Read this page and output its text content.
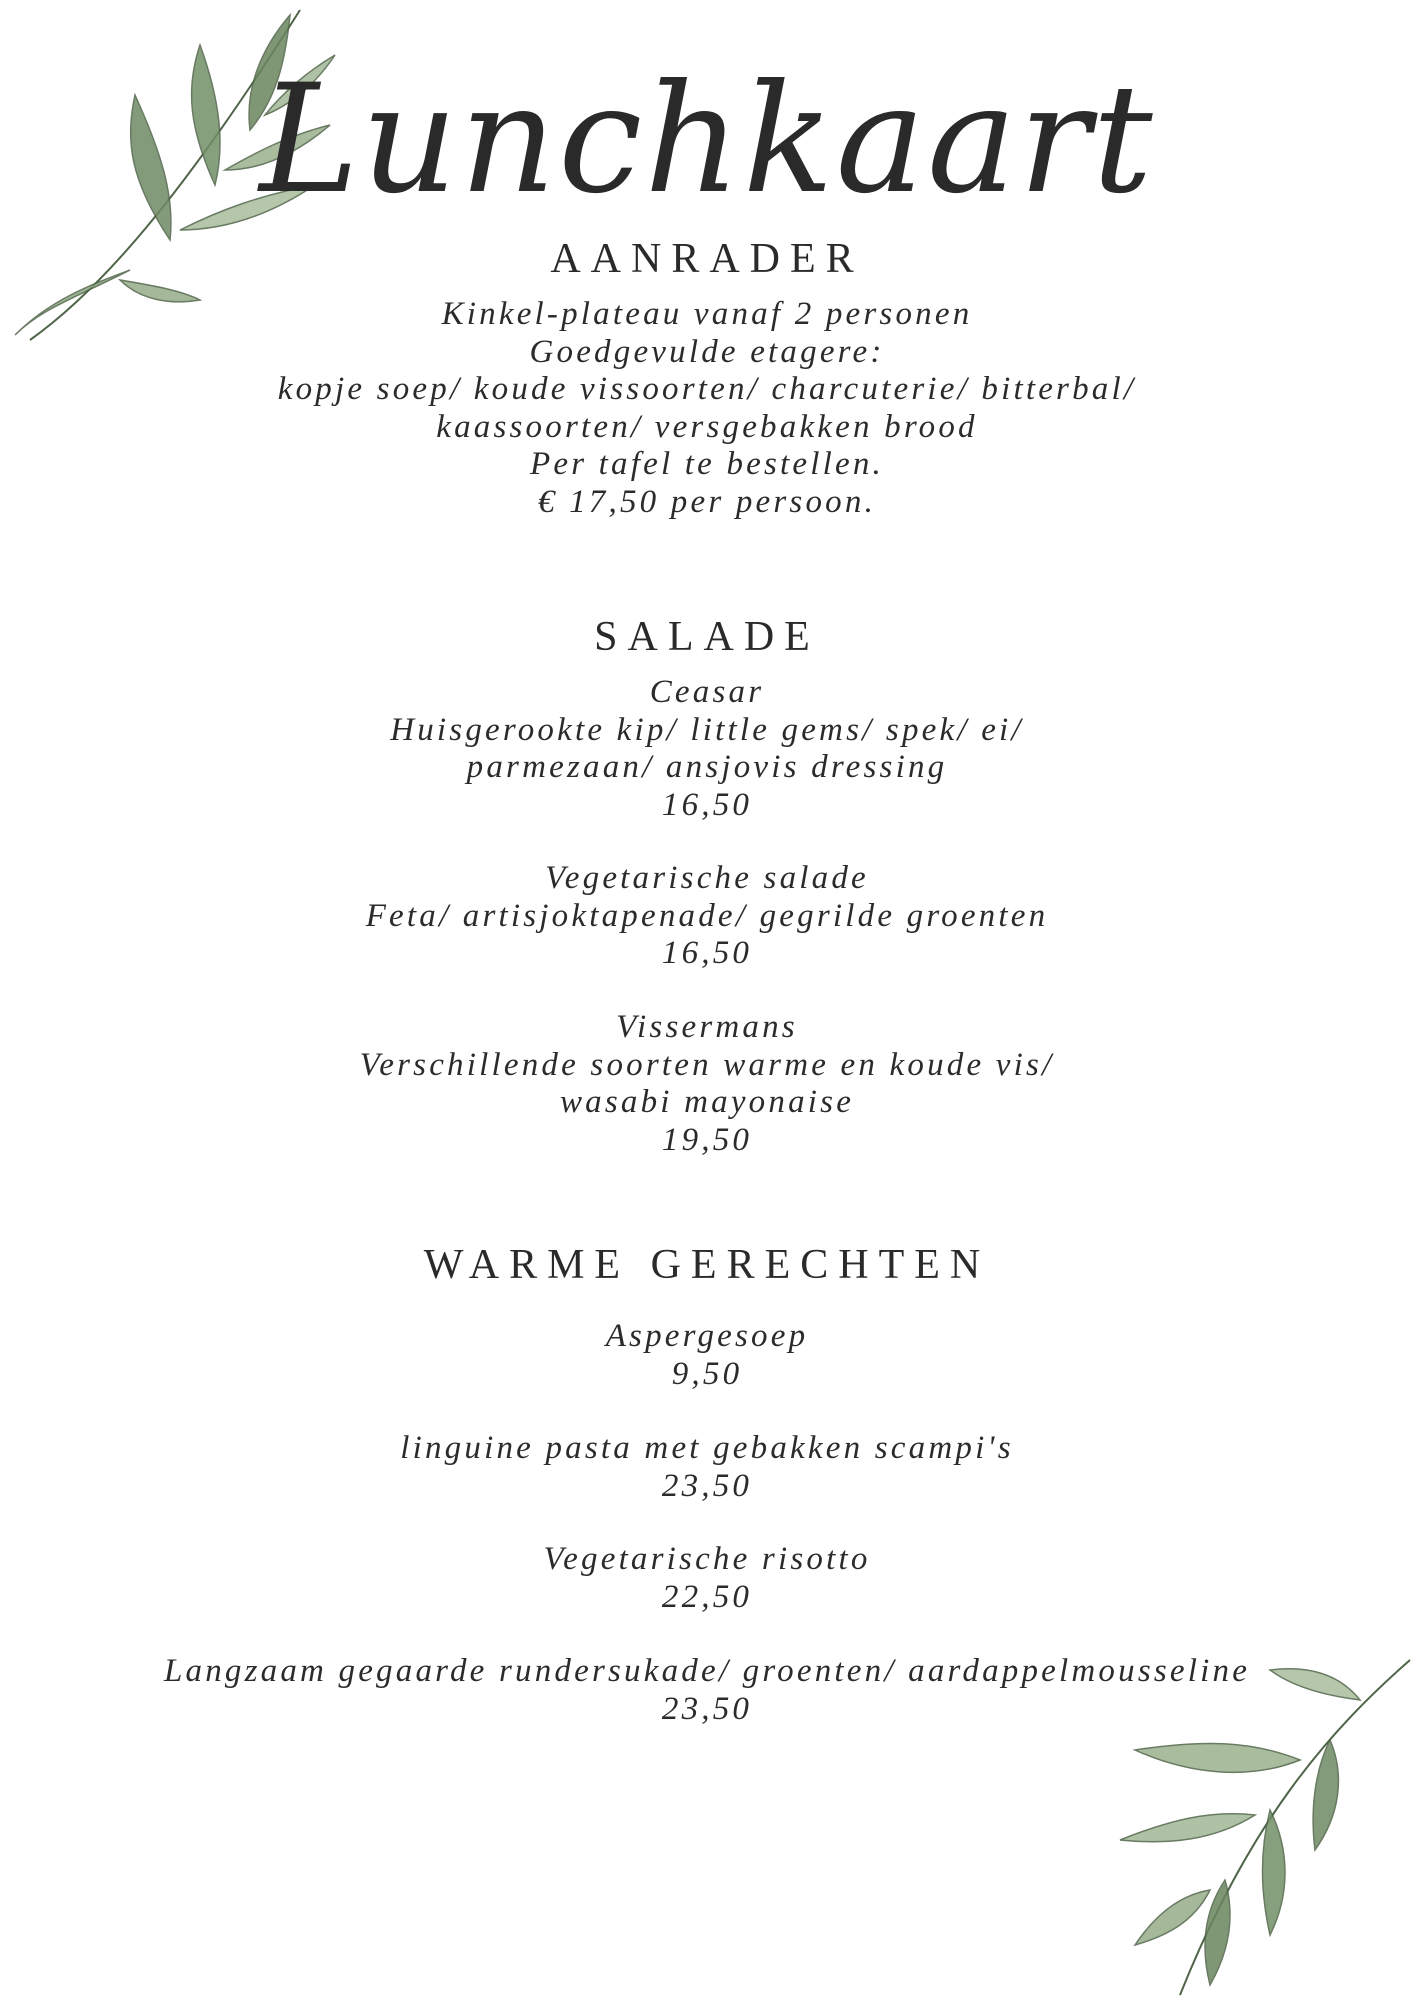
Lunchkaart
AANRADER
Kinkel-plateau vanaf 2 personen
Goedgevulde etagere:
kopje soep/ koude vissoorten/ charcuterie/ bitterbal/
kaassoorten/ versgebakken brood
Per tafel te bestellen.
€ 17,50 per persoon.
SALADE
Ceasar
Huisgerookte kip/ little gems/ spek/ ei/
parmezaan/ ansjovis dressing
16,50
Vegetarische salade
Feta/ artisjoktapenade/ gegrilde groenten
16,50
Vissermans
Verschillende soorten warme en koude vis/
wasabi mayonaise
19,50
WARME GERECHTEN
Aspergesoep
9,50
linguine pasta met gebakken scampi's
23,50
Vegetarische risotto
22,50
Langzaam gegaarde rundersukade/ groenten/ aardappelmousseline
23,50
